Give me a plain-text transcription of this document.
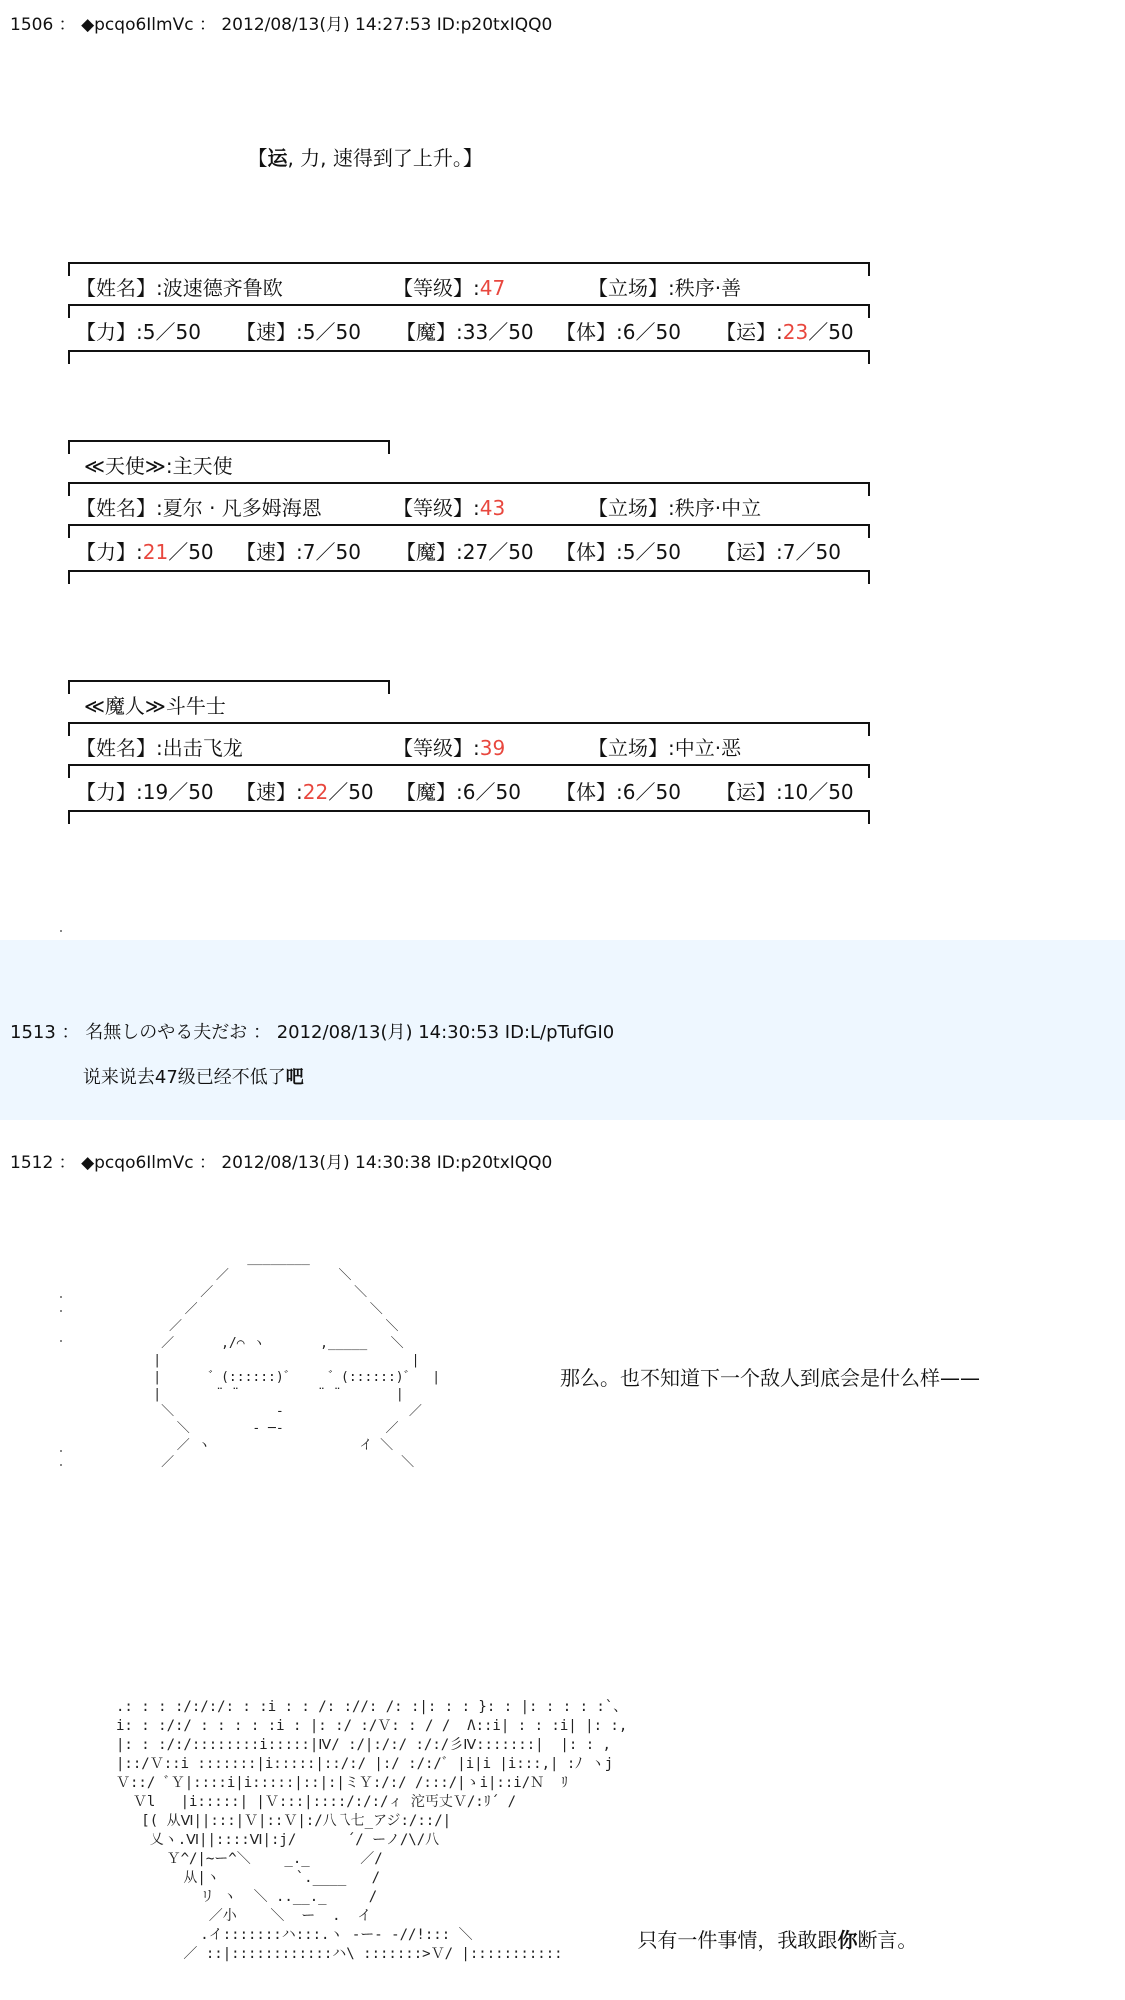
1506 ： ◆pcqo6IlmVc ： 2012/08/13(月) 14:27:53 ID:p20txIQQ0

【运, 力, 速得到了上升。】

【姓名】:波速德齐鲁欧	【等级】:47	【立场】:秩序·善
【力】:5／50 【速】:5／50 【魔】:33／50 【体】:6／50 【运】:23／50
≪天使≫:主天使
【姓名】:夏尔 · 凡多姆海恩	【等级】:43	【立场】:秩序·中立
【力】:21／50 【速】:7／50 【魔】:27／50 【体】:5／50 【运】:7／50
≪魔人≫斗牛士
【姓名】:出击飞龙	【等级】:39	【立场】:中立·恶
【力】:19／50 【速】:22／50 【魔】:6／50 【体】:6／50 【运】:10／50
1513 ： 名無しのやる夫だお ： 2012/08/13(月) 14:30:53 ID:L/pTufGI0

说来说去47级已经不低了吧

1512 ： ◆pcqo6IlmVc ： 2012/08/13(月) 14:30:38 ID:p20txIQQ0
________
／              ＼
／                  ＼
／                      ＼
／                          ＼
／      ,/⌒ ヽ       ,_____   ＼
|                                |
|      ゛(::::::)゛    ゛(::::::)゛  |
|       ¨ ¨          ¨ ¨       |
＼             ‐                ／
＼        ‐ ─‐             ／
／ ヽ                   イ ＼
／                             ＼
那么。也不知道下一个敌人到底会是什么样——
.: : : :/:/:/: : :i : : /: ://: /: :|: : : }: : |: : : : :`、
i: : :/:/ : : : : :i : |: :/ :/Ｖ: : / /  Λ::i| : : :i| |: :,
|: : :/:/::::::::i:::::|Ⅳ/ :/|:/:/ :/:/彡Ⅳ:::::::|  |: : ,
|::/Ｖ::i :::::::|i:::::|::/:/ |:/ :/:/ﾞ |i|i |i:::,| :ﾉ ヽj
Ｖ::/ ﾞＹ|::::i|i:::::|::|:|ミＹ:/:/ /:::/|ゝi|::i/Ｎ  ﾘ
Ｖl   |i:::::| |Ｖ:::|::::/:/:/ィ 沱丐丈Ｖ/:ﾘ´ /
[( 从Ⅵ||:::|Ｖ|::Ｖ|:/八乁七_アジ:/::/|
乂ヽ.Ⅵ||::::Ⅵ|:j/      ´/ ーノ/\/八
Ｙ^/|~ー^＼    _._      ／/
从|ヽ         `.____   /
リ ヽ  ＼ ..__._     /
／小    ＼  ー  .  イ
.イ:::::::ハ:::.ヽ ‐ー- ‐//!::: ＼
／ ::|::::::::::::ハ\ :::::::>Ｖ/ |:::::::::::

只有一件事情，我敢跟你断言。
